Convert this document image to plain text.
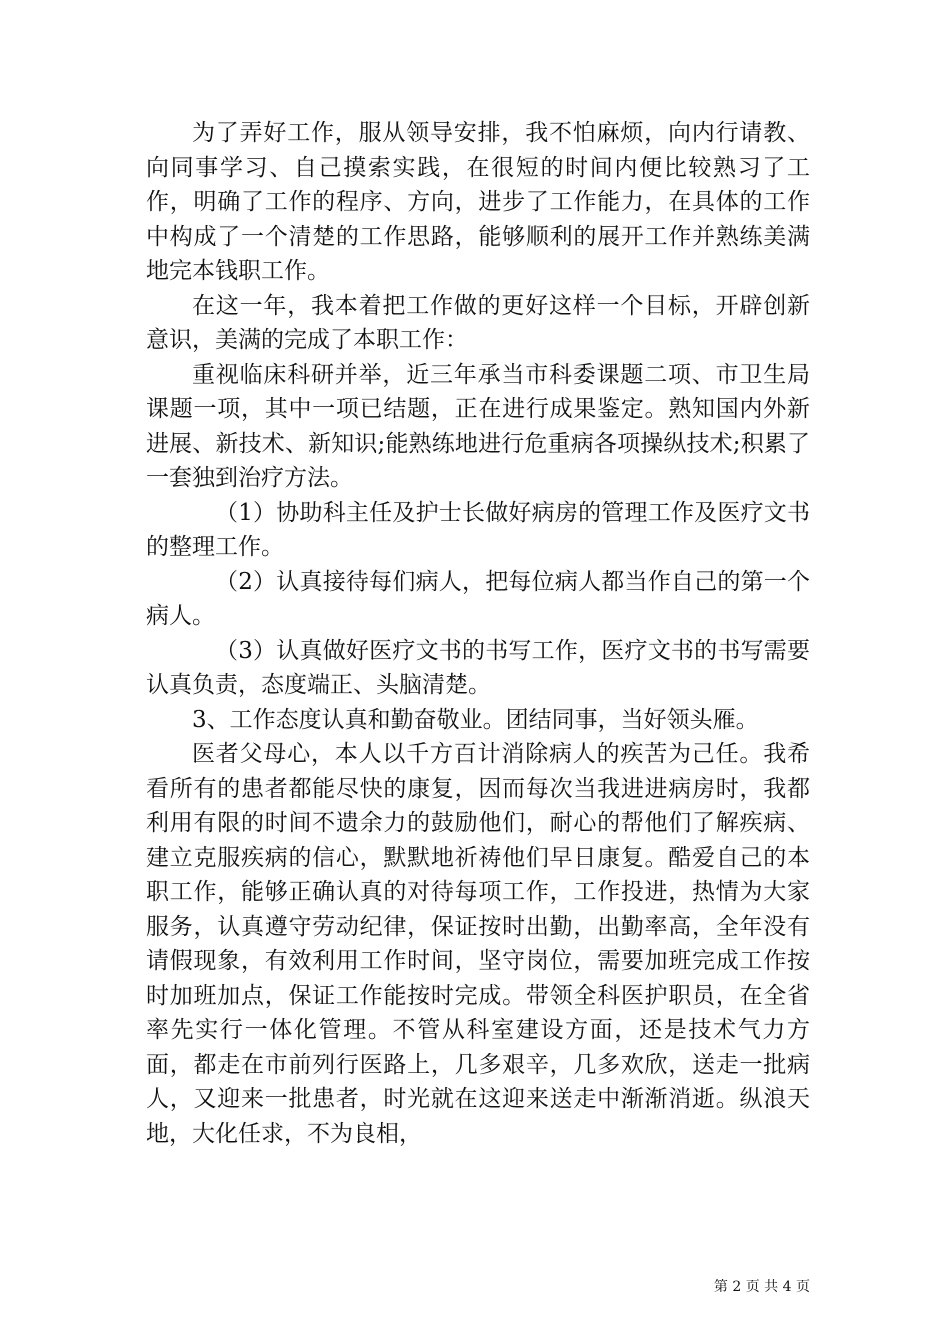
为了弄好工作，服从领导安排，我不怕麻烦，向内行请教、向同事学习、自己摸索实践，在很短的时间内便比较熟习了工作，明确了工作的程序、方向，进步了工作能力，在具体的工作中构成了一个清楚的工作思路，能够顺利的展开工作并熟练美满地完本钱职工作。

在这一年，我本着把工作做的更好这样一个目标，开辟创新意识，美满的完成了本职工作：

重视临床科研并举，近三年承当市科委课题二项、市卫生局课题一项，其中一项已结题，正在进行成果鉴定。熟知国内外新进展、新技术、新知识;能熟练地进行危重病各项操纵技术;积累了一套独到治疗方法。

（1）协助科主任及护士长做好病房的管理工作及医疗文书的整理工作。

（2）认真接待每们病人，把每位病人都当作自己的第一个病人。

（3）认真做好医疗文书的书写工作，医疗文书的书写需要认真负责，态度端正、头脑清楚。

3、工作态度认真和勤奋敬业。团结同事，当好领头雁。

医者父母心，本人以千方百计消除病人的疾苦为己任。我希看所有的患者都能尽快的康复，因而每次当我进进病房时，我都利用有限的时间不遗余力的鼓励他们，耐心的帮他们了解疾病、建立克服疾病的信心，默默地祈祷他们早日康复。酷爱自己的本职工作，能够正确认真的对待每项工作，工作投进，热情为大家服务，认真遵守劳动纪律，保证按时出勤，出勤率高，全年没有请假现象，有效利用工作时间，坚守岗位，需要加班完成工作按时加班加点，保证工作能按时完成。带领全科医护职员，在全省率先实行一体化管理。不管从科室建设方面，还是技术气力方面，都走在市前列行医路上，几多艰辛，几多欢欣，送走一批病人，又迎来一批患者，时光就在这迎来送走中渐渐消逝。纵浪天地，大化任求，不为良相，

第 2 页 共 4 页
